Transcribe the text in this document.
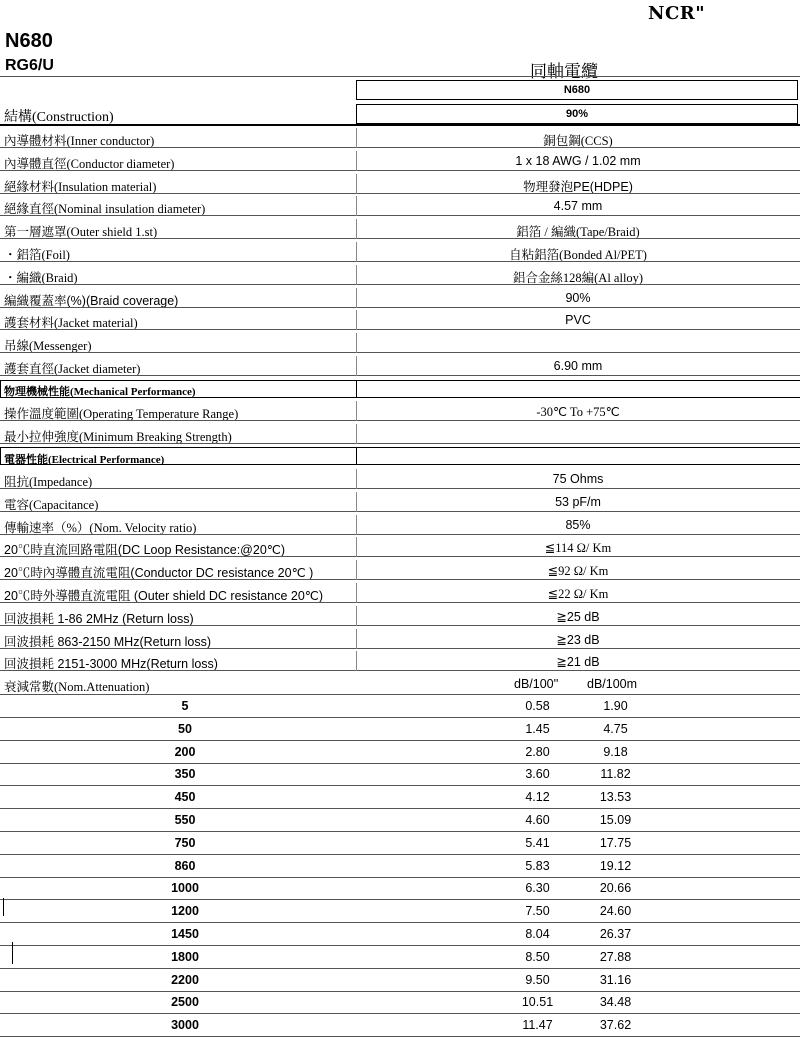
NCR"
N680
RG6/U	同軸電纜
N680
90%
結構(Construction)
內導體材料(Inner conductor)	銅包鋼(CCS)
內導體直徑(Conductor diameter)	1 x 18 AWG / 1.02 mm
絕緣材料(Insulation material)	物理發泡PE(HDPE)
絕緣直徑(Nominal insulation diameter)	4.57 mm
第一層遮罩(Outer shield 1.st)	鋁箔 / 編織(Tape/Braid)
・鋁箔(Foil)	自粘鋁箔(Bonded Al/PET)
・編織(Braid)	鋁合金絲128編(Al alloy)
編織覆蓋率(%)(Braid coverage)	90%
護套材料(Jacket material)	PVC
吊線(Messenger)
護套直徑(Jacket diameter)	6.90 mm
物理機械性能(Mechanical Performance)
操作溫度範圍(Operating Temperature Range)	-30℃ To +75℃
最小拉伸強度(Minimum Breaking Strength)
電器性能(Electrical Performance)
阻抗(Impedance)	75 Ohms
電容(Capacitance)	53 pF/m
傳輸速率（%）(Nom. Velocity ratio)	85%
20℃時直流回路電阻(DC Loop Resistance:@20℃)	≦114 Ω/ Km
20℃時內導體直流電阻(Conductor DC resistance 20℃ )	≦92 Ω/ Km
20℃時外導體直流電阻 (Outer shield DC resistance 20℃)	≦22 Ω/ Km
回波損耗 1-86 2MHz (Return loss)	≧25 dB
回波損耗 863-2150 MHz(Return loss)	≧23 dB
回波損耗 2151-3000 MHz(Return loss)	≧21 dB
衰減常數(Nom.Attenuation)	dB/100'' dB/100m
5	0.58	1.90
50	1.45	4.75
200	2.80	9.18
350	3.60	11.82
450	4.12	13.53
550	4.60	15.09
750	5.41	17.75
860	5.83	19.12
1000	6.30	20.66
1200	7.50	24.60
1450	8.04	26.37
1800	8.50	27.88
2200	9.50	31.16
2500	10.51	34.48
3000	11.47	37.62
